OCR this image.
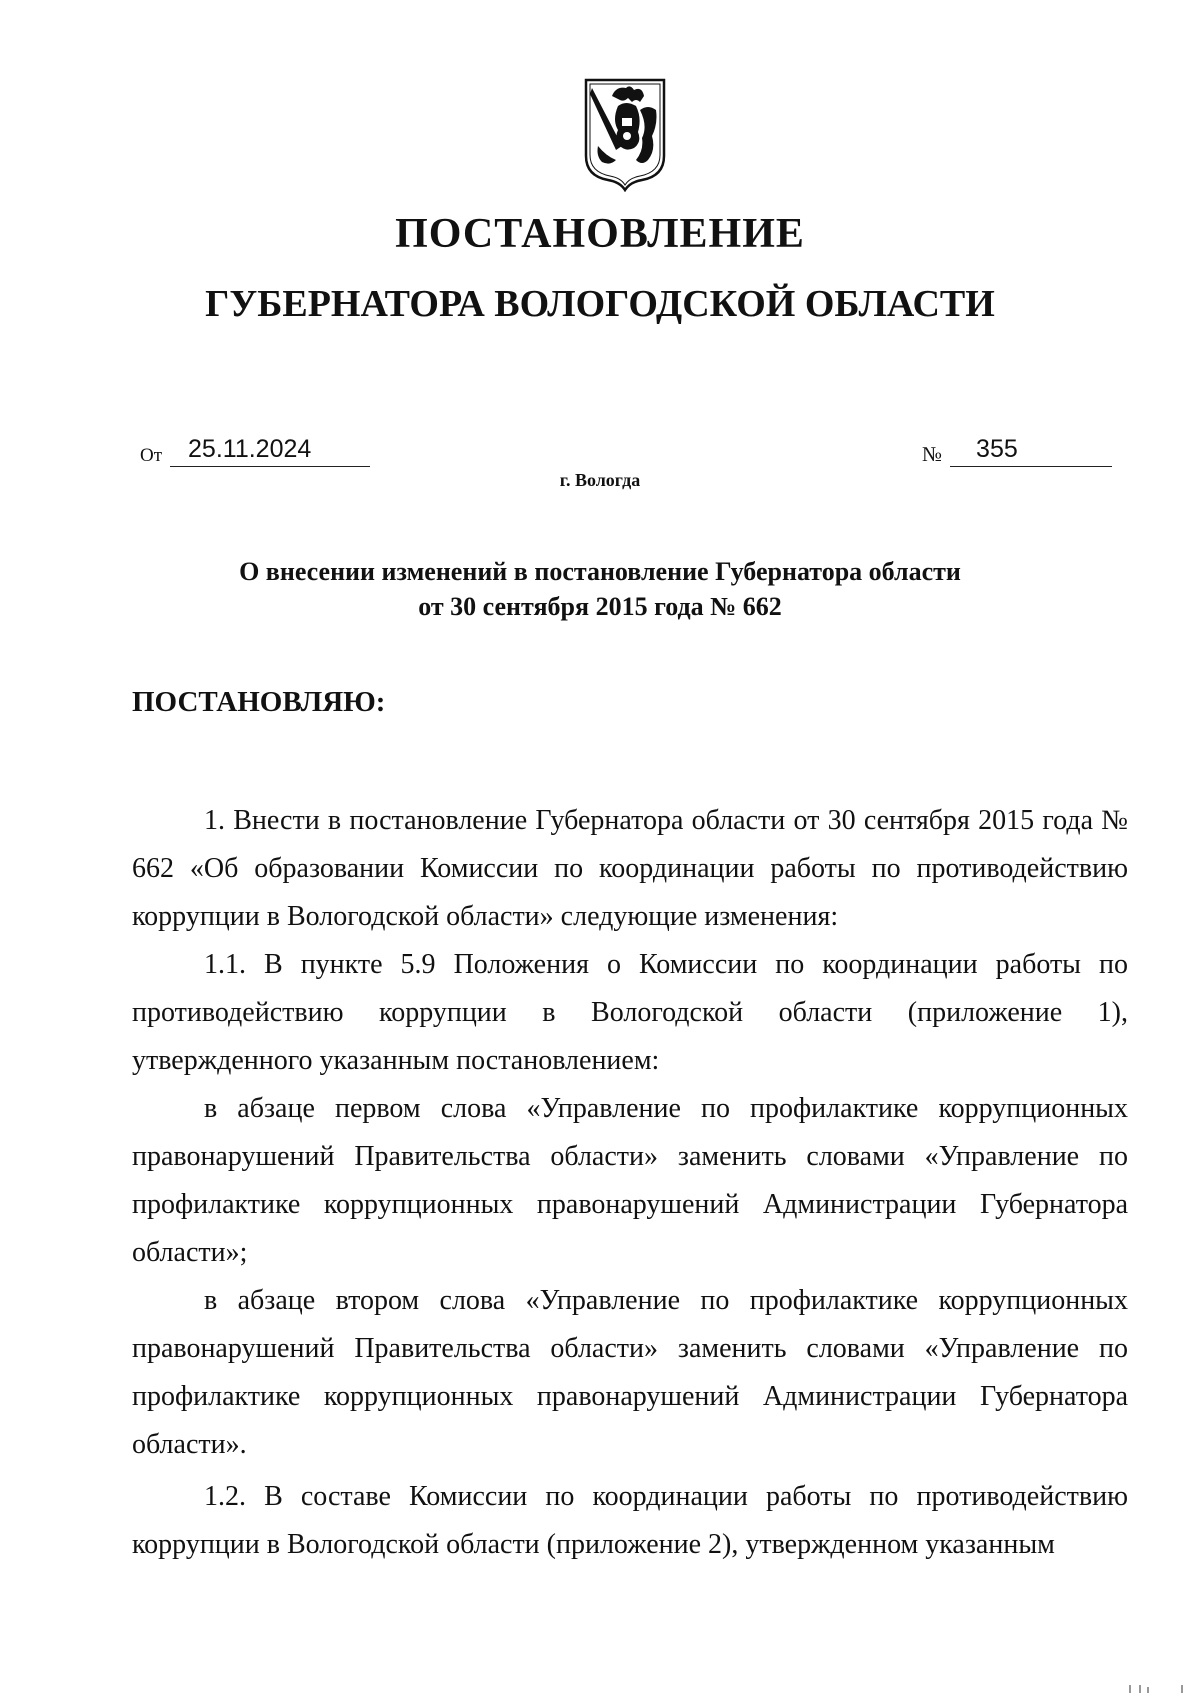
ПОСТАНОВЛЕНИЕ
ГУБЕРНАТОРА ВОЛОГОДСКОЙ ОБЛАСТИ
От 25.11.2024	№ 355
г. Вологда
О внесении изменений в постановление Губернатора области
от 30 сентября 2015 года № 662
ПОСТАНОВЛЯЮ:

1. Внести в постановление Губернатора области от 30 сентября 2015 года № 662 «Об образовании Комиссии по координации работы по противодействию коррупции в Вологодской области» следующие изменения:

1.1. В пункте 5.9 Положения о Комиссии по координации работы по противодействию коррупции в Вологодской области (приложение 1), утвержденного указанным постановлением:

в абзаце первом слова «Управление по профилактике коррупционных правонарушений Правительства области» заменить словами «Управление по профилактике коррупционных правонарушений Администрации Губернатора области»;

в абзаце втором слова «Управление по профилактике коррупционных правонарушений Правительства области» заменить словами «Управление по профилактике коррупционных правонарушений Администрации Губернатора области».

1.2. В составе Комиссии по координации работы по противодействию коррупции в Вологодской области (приложение 2), утвержденном указанным
